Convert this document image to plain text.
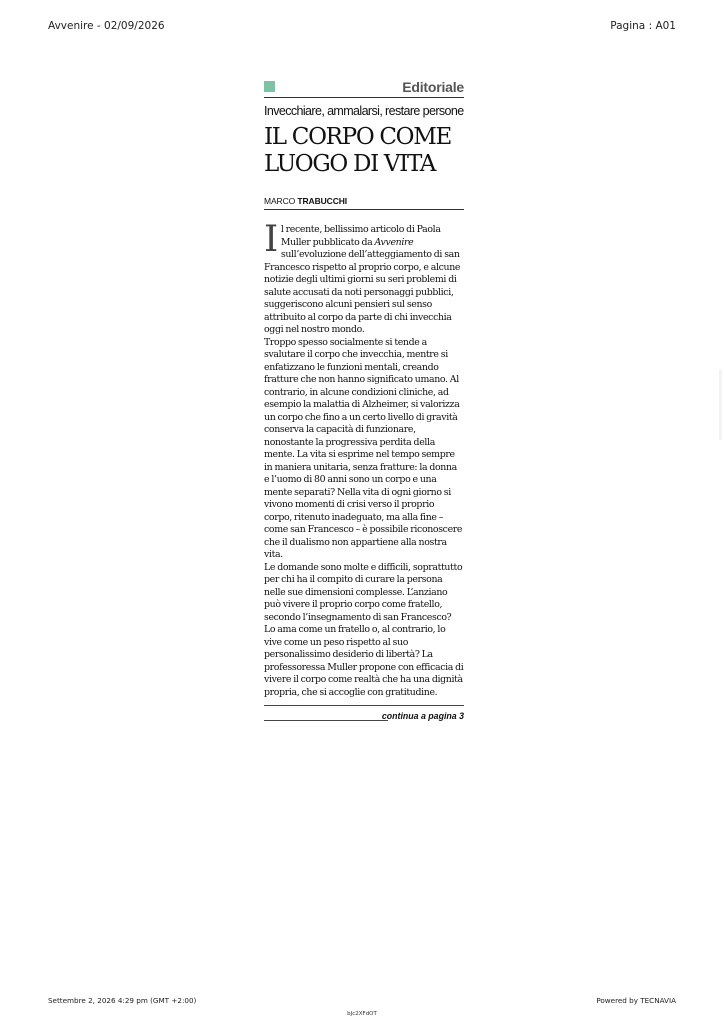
Avvenire - 02/09/2026	Pagina : A01
Editoriale
Invecchiare, ammalarsi, restare persone
IL CORPO COME
LUOGO DI VITA
MARCO TRABUCCHI

Il recente, bellissimo articolo di Paola Muller pubblicato da Avvenire sull’evoluzione dell’atteggiamento di san Francesco rispetto al proprio corpo, e alcune notizie degli ultimi giorni su seri problemi di salute accusati da noti personaggi pubblici, suggeriscono alcuni pensieri sul senso attribuito al corpo da parte di chi invecchia oggi nel nostro mondo.

Troppo spesso socialmente si tende a svalutare il corpo che invecchia, mentre si enfatizzano le funzioni mentali, creando fratture che non hanno significato umano. Al contrario, in alcune condizioni cliniche, ad esempio la malattia di Alzheimer, si valorizza un corpo che fino a un certo livello di gravità conserva la capacità di funzionare, nonostante la progressiva perdita della mente. La vita si esprime nel tempo sempre in maniera unitaria, senza fratture: la donna e l’uomo di 80 anni sono un corpo e una mente separati? Nella vita di ogni giorno si vivono momenti di crisi verso il proprio corpo, ritenuto inadeguato, ma alla fine – come san Francesco – è possibile riconoscere che il dualismo non appartiene alla nostra vita.

Le domande sono molte e difficili, soprattutto per chi ha il compito di curare la persona nelle sue dimensioni complesse. L’anziano può vivere il proprio corpo come fratello, secondo l’insegnamento di san Francesco? Lo ama come un fratello o, al contrario, lo vive come un peso rispetto al suo personalissimo desiderio di libertà? La professoressa Muller propone con efficacia di vivere il corpo come realtà che ha una dignità propria, che si accoglie con gratitudine.

continua a pagina 3
Settembre 2, 2026 4:29 pm (GMT +2:00)	Powered by TECNAVIA
bJc2XFdOT
